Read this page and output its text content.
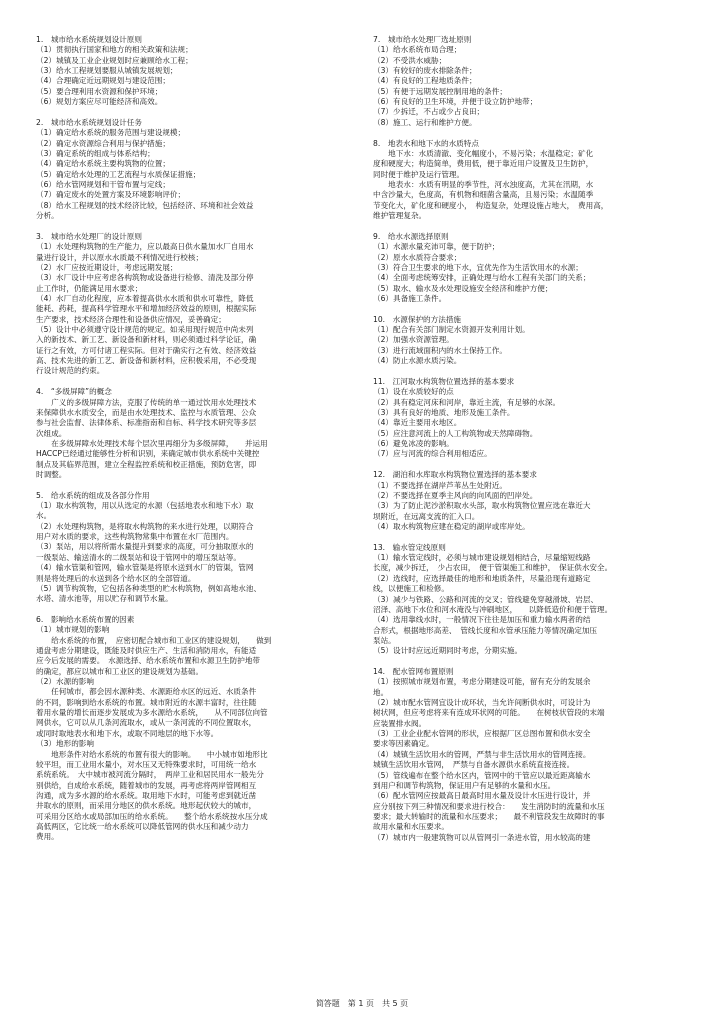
1.　城市给水系统规划设计原则

（1）贯彻执行国家和地方的相关政策和法规；

（2）城镇及工业企业规划时应兼顾给水工程；

（3）给水工程规划要服从城镇发展规划；

（4）合理确定近远期规划与建设范围；

（5）要合理利用水资源和保护环境；

（6）规划方案应尽可能经济和高效。

2.　城市给水系统规划设计任务

（1）确定给水系统的服务范围与建设规模；

（2）确定水资源综合利用与保护措施；

（3）确定系统的组成与体系结构；

（4）确定给水系统主要构筑物的位置；

（5）确定给水处理的工艺流程与水质保证措施；

（6）给水管网规划和干管布置与定线；

（7）确定废水的处置方案及环境影响评价；

（8）给水工程规划的技术经济比较，包括经济、环境和社会效益

分析。

3.　城市给水处理厂的设计原则

（1）水处理构筑物的生产能力，应以最高日供水量加水厂自用水

量进行设计，并以原水水质最不利情况进行校核；

（2）水厂应按近期设计，考虑远期发展；

（3）水厂设计中应考虑各构筑物或设备进行检修、清洗及部分停

止工作时，仍能满足用水要求；

（4）水厂自动化程度，应本着提高供水水质和供水可靠性，降低

能耗、药耗，提高科学管理水平和增加经济效益的原则，根据实际

生产要求，技术经济合理性和设备供应情况，妥善确定；

（5）设计中必须遵守设计规范的规定。如采用现行规范中尚未列

入的新技术、新工艺、新设备和新材料，则必须通过科学论证，确

证行之有效，方可付诸工程实际。但对于确实行之有效、经济效益

高、技术先进的新工艺、新设备和新材料，应积极采用，不必受现

行设计规范的约束。

4.　“多级屏障”的概念

　　广义的多级屏障方法，克服了传统的单一通过饮用水处理技术

来保障供水水质安全，而是由水处理技术、监控与水质管理、公众

参与社会监督、法律体系、标准指南和自标、科学技术研究等多层

次组成。

　　在多级屏障水处理技术每个层次里再细分为多级屏障，　　并运用

HACCP已经通过能够性分析和识别，来确定城市供水系统中关键控

制点及其临界范围，建立全程监控系统和校正措施，预防危害，即

时调整。

5.　给水系统的组成及各部分作用

（1）取水构筑物，用以从选定的水源（包括地表水和地下水）取

水。

（2）水处理构筑物，是将取水构筑物的来水进行处理，以期符合

用户对水质的要求，这些构筑物常集中布置在水厂范围内。

（3）泵站，用以将所需水量提升到要求的高度，可分抽取原水的

一级泵站、输送清水的二级泵站和设于管网中的增压泵站等。

（4）输水管渠和管网，输水管渠是将原水送到水厂的管渠，管网

则是将处理后的水送到各个给水区的全部管道。

（5）调节构筑物，它包括各种类型的贮水构筑物，例如高地水池、

水塔、清水池等，用以贮存和调节水量。

6.　影响给水系统布置的因素

（1）城市规划的影响

　　给水系统的布置，　应密切配合城市和工业区的建设规划，　　做到

通盘考虑分期建设，既能及时供应生产、生活和消防用水，有能适

应今后发展的需要。　水源选择、给水系统布置和水源卫生防护地带

的确定，都应以城市和工业区的建设规划为基础。

（2）水源的影响

　　任何城市，都会因水源种类、水源距给水区的远近、水质条件

的不同，影响到给水系统的布置。城市附近的水源丰富时，往往随

着用水量的增长而逐步发展成为多水源给水系统，　　从不同部位向管

网供水，它可以从几条河流取水，或从一条河流的不同位置取水，

或同时取地表水和地下水，或取不同地层的地下水等。

（3）地形的影响

　　地形条件对给水系统的布置有很大的影响。　　中小城市如地形比

较平坦，而工业用水量小，对水压又无特殊要求时，可用统一给水

系统系统。　大中城市被河流分隔时，　两岸工业和居民用水一般先分

别供给，自成给水系统，随着城市的发展，再考虑将两岸管网相互

沟通，成为多水源的给水系统。取用地下水时，可能考虑到就近凿

井取水的原则，而采用分地区的供水系统。地形起伏较大的城市，

可采用分区给水或局部加压的给水系统。　　整个给水系统按水压分成

高低两区，它比统一给水系统可以降低管网的供水压和减少动力

费用。

7.　城市给水处理厂选址原则

（1）给水系统布局合理；

（2）不受洪水威胁；

（3）有较好的废水排除条件；

（4）有良好的工程地质条件；

（5）有便于远期发展控制用地的条件；

（6）有良好的卫生环境，并便于设立防护地带；

（7）少拆迁，不占或少占良田；

（8）施工、运行和维护方便。

8.　地表水和地下水的水质特点

　　地下水：水质清澈、变化幅度小，不易污染；水温稳定；矿化

度和硬度大；构造简单，费用低，便于靠近用户设置及卫生防护，

同时便于维护及运行管理。

　　地表水：水质有明显的季节性，河水浊度高，尤其在汛期，水

中含沙量大，色度高，有机物和细菌含量高，且易污染；水温随季

节变化大，矿化度和硬度小，　构造复杂，处理设施占地大，　费用高，

维护管理复杂。

9.　给水水源选择原则

（1）水源水量充沛可靠，便于防护；

（2）原水水质符合要求；

（3）符合卫生要求的地下水，宜优先作为生活饮用水的水源；

（4）全面考虑统筹安排，正确处理与给水工程有关部门的关系；

（5）取水、输水及水处理设施安全经济和维护方便；

（6）具备施工条件。

10.　水源保护的方法措施

（1）配合有关部门制定水资源开发利用计划。

（2）加强水资源管理。

（3）进行流域面积内的水土保持工作。

（4）防止水源水质污染。

11.　江河取水构筑物位置选择的基本要求

（1）设在水质较好的点

（2）具有稳定河床和河岸，靠近主流，有足够的水深。

（3）具有良好的地质、地形及施工条件。

（4）靠近主要用水地区。

（5）应注意河流上的人工构筑物或天然障碍物。

（6）避免冰凌的影响。

（7）应与河流的综合利用相适应。

12.　湖泊和水库取水构筑物位置选择的基本要求

（1）不要选择在湖岸芦苇丛生处附近。

（2）不要选择在夏季主风向的向风面的凹岸处。

（3）为了防止泥沙淤积取水头部，取水构筑物位置应选在靠近大

坝附近，在远离支流的汇入口。

（4）取水构筑物应建在稳定的湖岸或库岸处。

13.　输水管定线原则

（1）输水管定线时，必须与城市建设规划相结合，尽量缩短线路

长度，减少拆迁，　少占农田，　便于管渠施工和维护，　保证供水安全。

（2）选线时，应选择最佳的地形和地质条件，尽量沿现有道路定

线，以便施工和检修。

（3）减少与铁路、公路和河流的交叉；管线避免穿越滑坡、岩层、

沼泽、高地下水位和河水淹没与冲刷地区，　　以降低造价和便于管理。

（4）选用靠线水时，一般情况下往往是加压和重力输水两者的结

合形式，根据地形高差、　管线长度和水管承压能力等情况确定加压

泵站。

（5）设计时应远近期同时考虑，分期实施。

14.　配水管网布置原则

（1）按照城市规划布置，考虑分期建设可能，留有充分的发展余

地。

（2）城市配水管网宜设计成环状，当允许间断供水时，可设计为

树状网，但应考虑将来有连成环状网的可能。　　在树枝状管段的末端

应装置排水阀。

（3）工业企业配水管网的形状，应根据厂区总图布置和供水安全

要求等因素确定。

（4）城镇生活饮用水的管网，严禁与非生活饮用水的管网连接。

城镇生活饮用水管网，　严禁与自备水源供水系统直接连接。

（5）管线遍布在整个给水区内，管网中的干管应以最近距离输水

到用户和调节构筑物，保证用户有足够的水量和水压。

（6）配水管网应按最高日最高时用水量及设计水压进行设计，并

应分别按下列三种情况和要求进行校合：　　发生消防时的流量和水压

要求；最大转输时的流量和水压要求；　　最不利管段发生故障时的事

故用水量和水压要求。

（7）城市内一般建筑物可以从管网引一条进水管，用水较高的建

简答题　第 1 页　共 5 页
